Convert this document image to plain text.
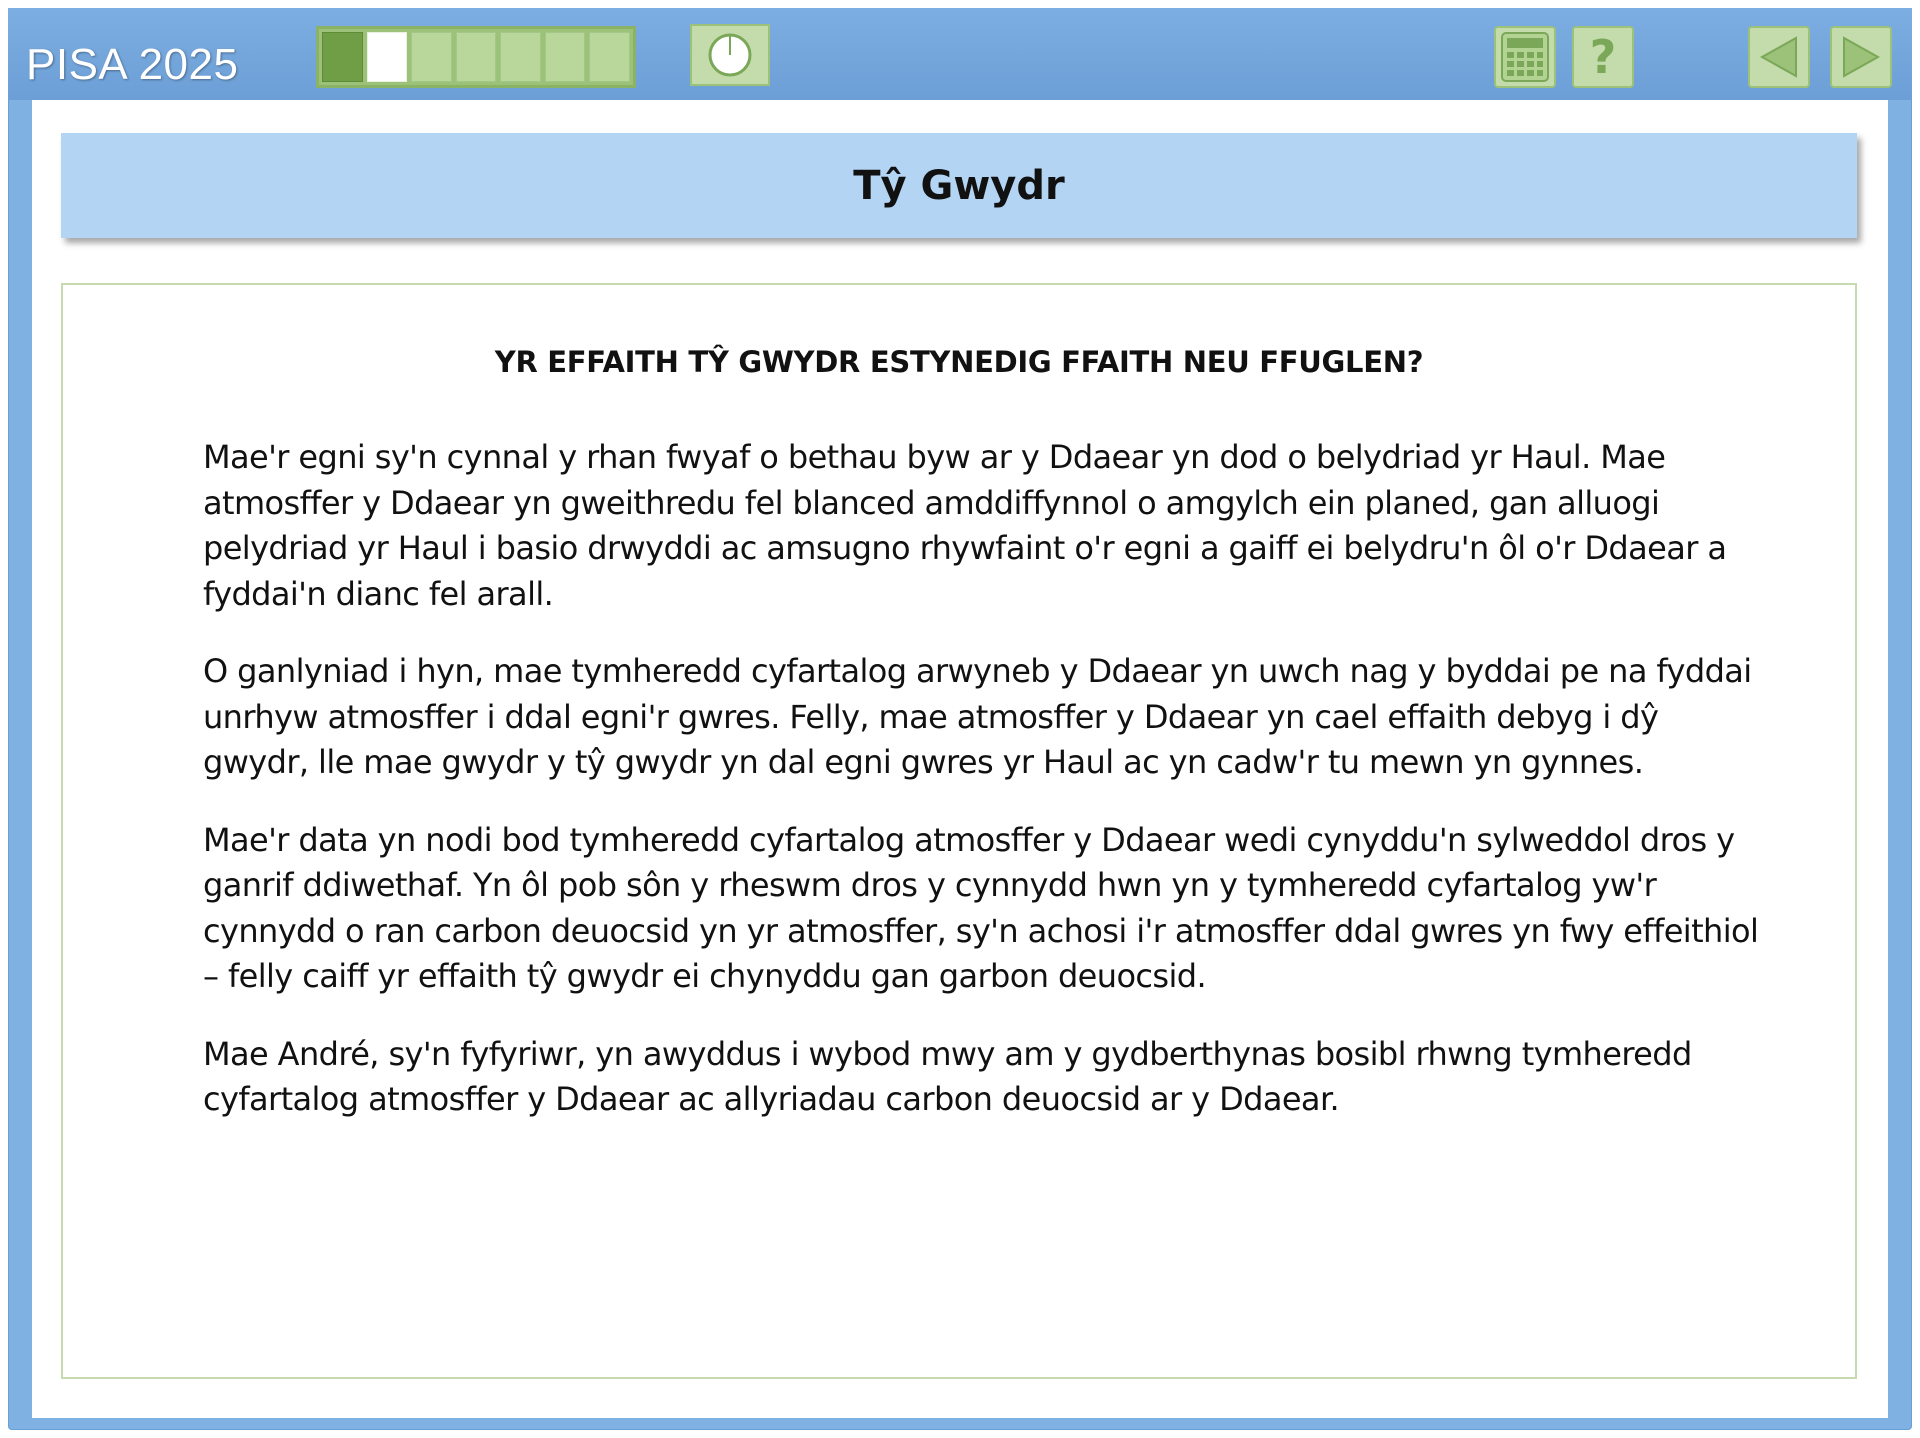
PISA 2025	?
Tŷ Gwydr
YR EFFAITH TŶ GWYDR ESTYNEDIG FFAITH NEU FFUGLEN?

Mae'r egni sy'n cynnal y rhan fwyaf o bethau byw ar y Ddaear yn dod o belydriad yr Haul. Mae atmosffer y Ddaear yn gweithredu fel blanced amddiffynnol o amgylch ein planed, gan alluogi pelydriad yr Haul i basio drwyddi ac amsugno rhywfaint o'r egni a gaiff ei belydru'n ôl o'r Ddaear a fyddai'n dianc fel arall.

O ganlyniad i hyn, mae tymheredd cyfartalog arwyneb y Ddaear yn uwch nag y byddai pe na fyddai unrhyw atmosffer i ddal egni'r gwres. Felly, mae atmosffer y Ddaear yn cael effaith debyg i dŷ gwydr, lle mae gwydr y tŷ gwydr yn dal egni gwres yr Haul ac yn cadw'r tu mewn yn gynnes.

Mae'r data yn nodi bod tymheredd cyfartalog atmosffer y Ddaear wedi cynyddu'n sylweddol dros y ganrif ddiwethaf. Yn ôl pob sôn y rheswm dros y cynnydd hwn yn y tymheredd cyfartalog yw'r cynnydd o ran carbon deuocsid yn yr atmosffer, sy'n achosi i'r atmosffer ddal gwres yn fwy effeithiol – felly caiff yr effaith tŷ gwydr ei chynyddu gan garbon deuocsid.

Mae André, sy'n fyfyriwr, yn awyddus i wybod mwy am y gydberthynas bosibl rhwng tymheredd cyfartalog atmosffer y Ddaear ac allyriadau carbon deuocsid ar y Ddaear.
